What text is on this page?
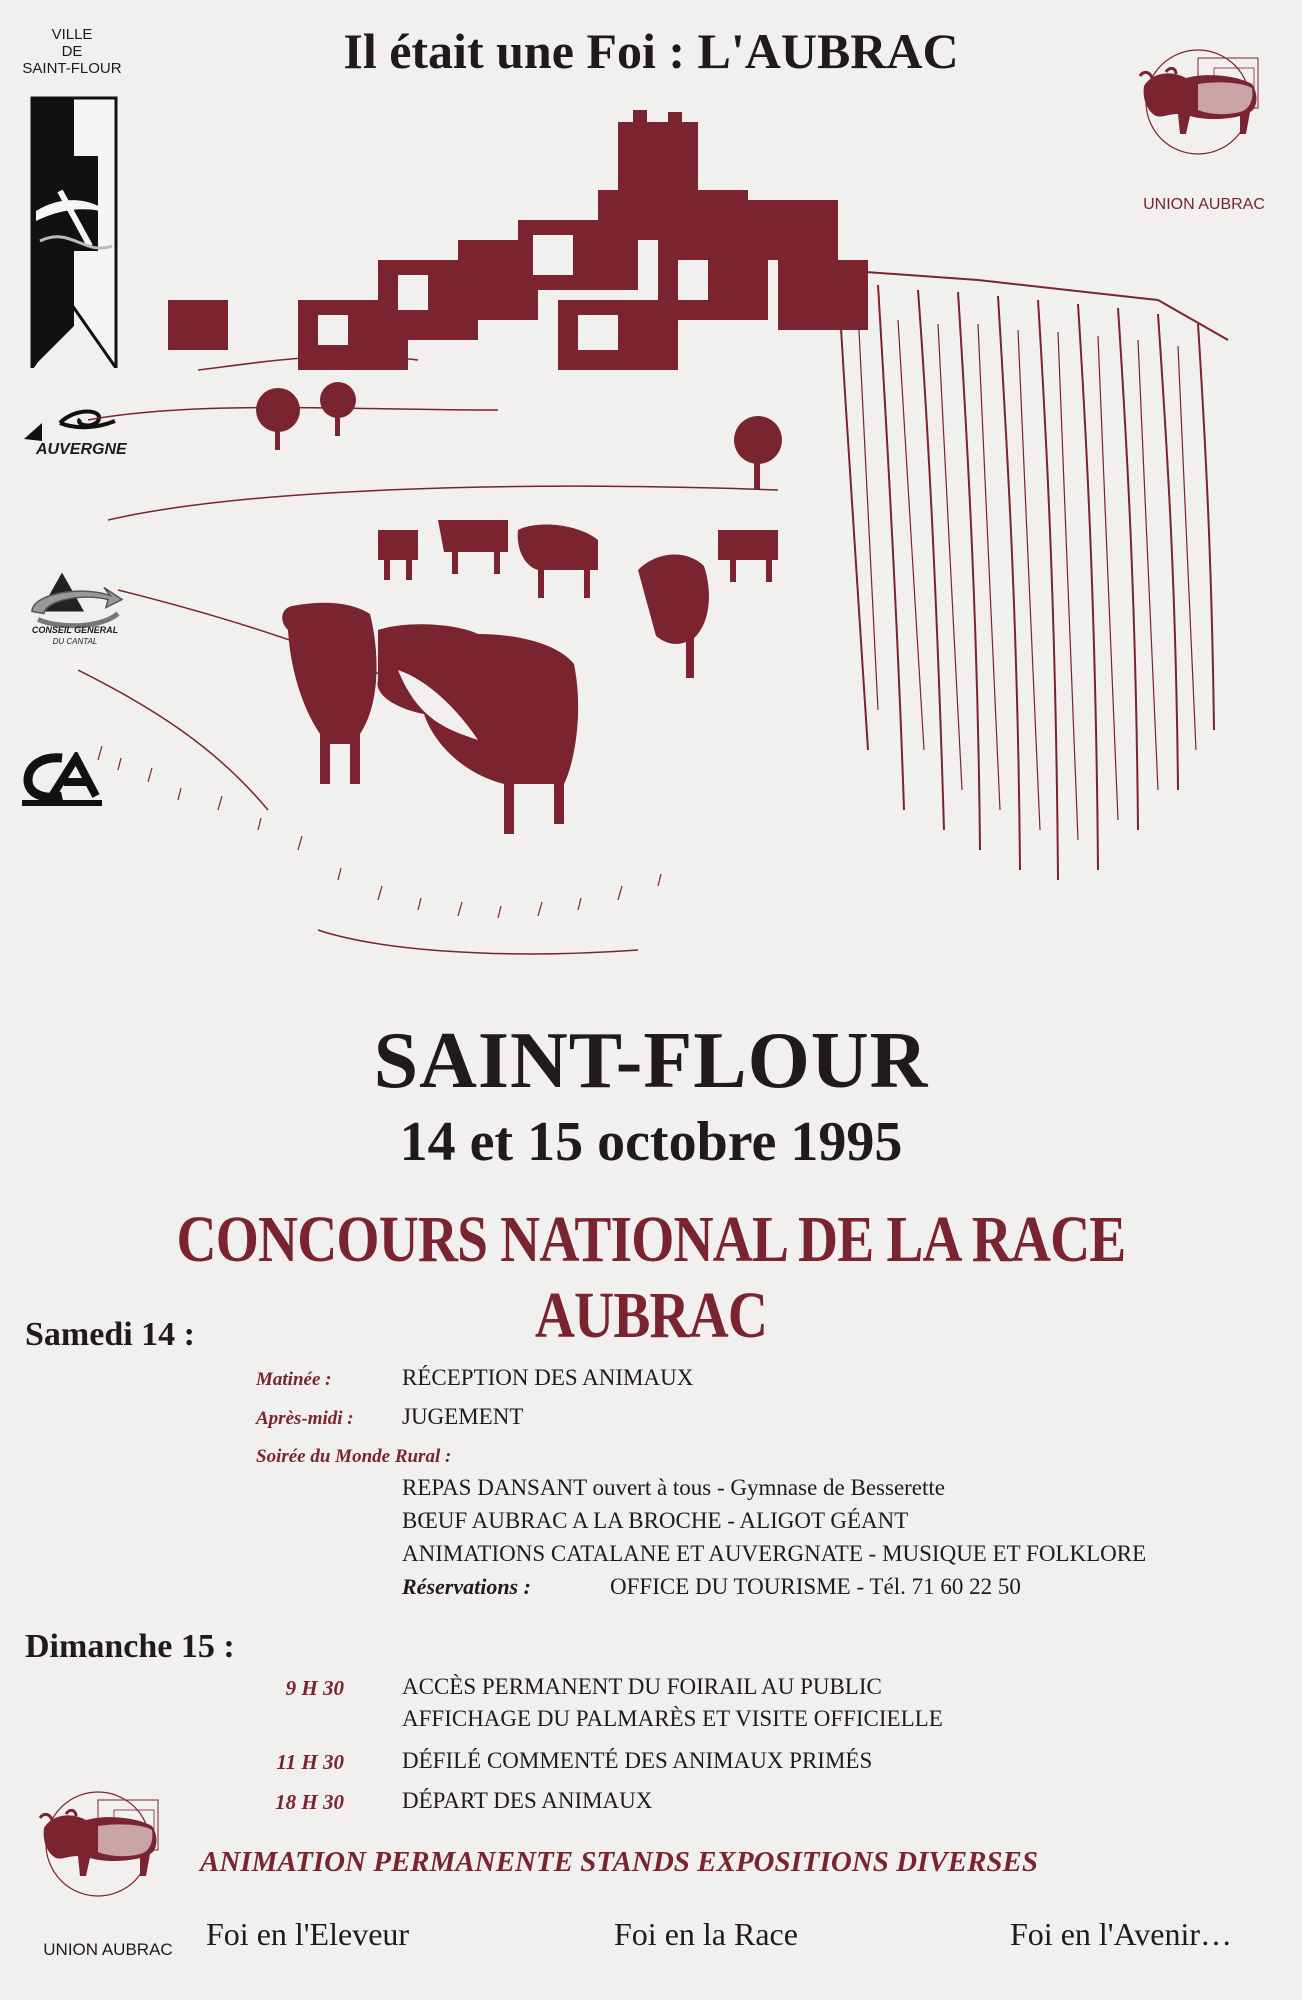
Il était une Foi : L'AUBRAC
VILLE
DE
SAINT-FLOUR
AUVERGNE
CONSEIL GENERAL
DU CANTAL
UNION AUBRAC
SAINT-FLOUR
14 et 15 octobre 1995
CONCOURS NATIONAL DE LA RACE AUBRAC
Samedi 14 :
Matinée :	RÉCEPTION DES ANIMAUX
Après-midi : JUGEMENT
Soirée du Monde Rural :
REPAS DANSANT ouvert à tous - Gymnase de Besserette
BŒUF AUBRAC A LA BROCHE - ALIGOT GÉANT
ANIMATIONS CATALANE ET AUVERGNATE - MUSIQUE ET FOLKLORE
Réservations :	OFFICE DU TOURISME - Tél. 71 60 22 50
Dimanche 15 :
9 H 30	ACCÈS PERMANENT DU FOIRAIL AU PUBLIC
AFFICHAGE DU PALMARÈS ET VISITE OFFICIELLE
11 H 30	DÉFILÉ COMMENTÉ DES ANIMAUX PRIMÉS
18 H 30	DÉPART DES ANIMAUX
UNION AUBRAC
ANIMATION PERMANENTE STANDS EXPOSITIONS DIVERSES
Foi en l'Eleveur	Foi en la Race	Foi en l'Avenir…
